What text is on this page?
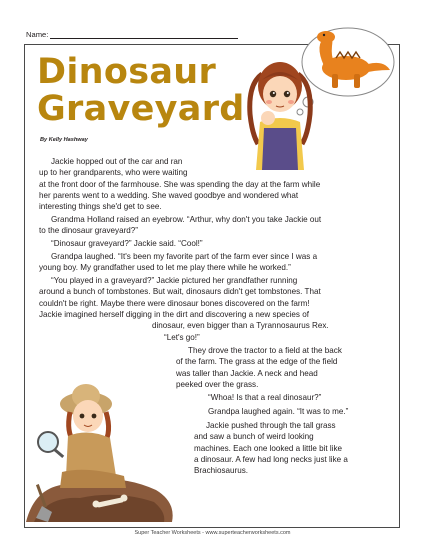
Name:
Dinosaur
Graveyard
By Kelly Hashway

Jackie hopped out of the car and ran
up to her grandparents, who were waiting
at the front door of the farmhouse. She was spending the day at the farm while
her parents went to a wedding. She waved goodbye and wondered what
interesting things she'd get to see.

Grandma Holland raised an eyebrow. “Arthur, why don't you take Jackie out
to the dinosaur graveyard?”

“Dinosaur graveyard?” Jackie said. “Cool!”

Grandpa laughed. “It's been my favorite part of the farm ever since I was a
young boy. My grandfather used to let me play there while he worked.”

“You played in a graveyard?” Jackie pictured her grandfather running
around a bunch of tombstones. But wait, dinosaurs didn't get tombstones. That
couldn't be right. Maybe there were dinosaur bones discovered on the farm!
Jackie imagined herself digging in the dirt and discovering a new species of
dinosaur, even bigger than a Tyrannosaurus Rex.

“Let's go!”

They drove the tractor to a field at the back
of the farm. The grass at the edge of the field
was taller than Jackie. A neck and head
peeked over the grass.

“Whoa! Is that a real dinosaur?”

Grandpa laughed again. “It was to me.”

Jackie pushed through the tall grass
and saw a bunch of weird looking
machines. Each one looked a little bit like
a dinosaur. A few had long necks just like a
Brachiosaurus.

Super Teacher Worksheets - www.superteacherworksheets.com
